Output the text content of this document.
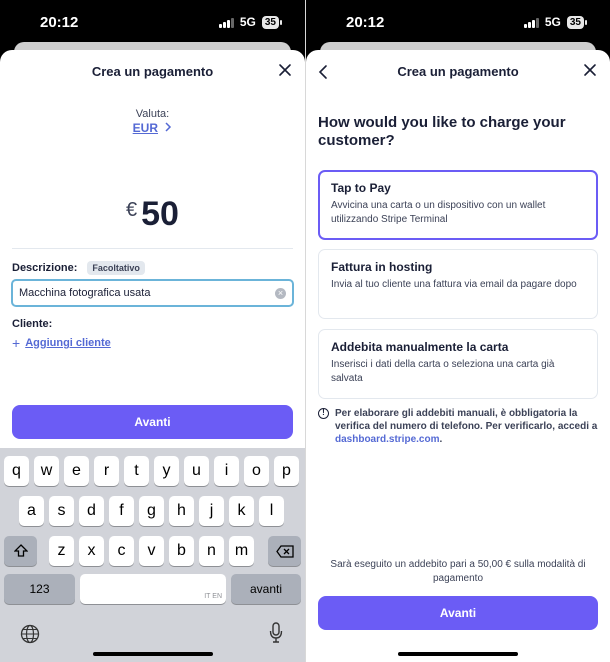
20:12	5G 35
Crea un pagamento
Valuta:
EUR
€ 50
Descrizione:	Facoltativo
Macchina fotografica usata	×
Cliente:
+ Aggiungi cliente
Avanti
q	w	e	r	t	y	u	i	o	p
a	s	d	f	g	h	j	k	l
z	x	c	v	b	n	m
123
IT EN
avanti
20:12	5G 35
Crea un pagamento
How would you like to charge your customer?
Tap to Pay
Avvicina una carta o un dispositivo con un wallet utilizzando Stripe Terminal
Fattura in hosting
Invia al tuo cliente una fattura via email da pagare dopo
Addebita manualmente la carta
Inserisci i dati della carta o seleziona una carta già salvata
!	Per elaborare gli addebiti manuali, è obbligatoria la verifica del numero di telefono. Per verificarlo, accedi a dashboard.stripe.com.
Sarà eseguito un addebito pari a 50,00 € sulla modalità di pagamento
Avanti
